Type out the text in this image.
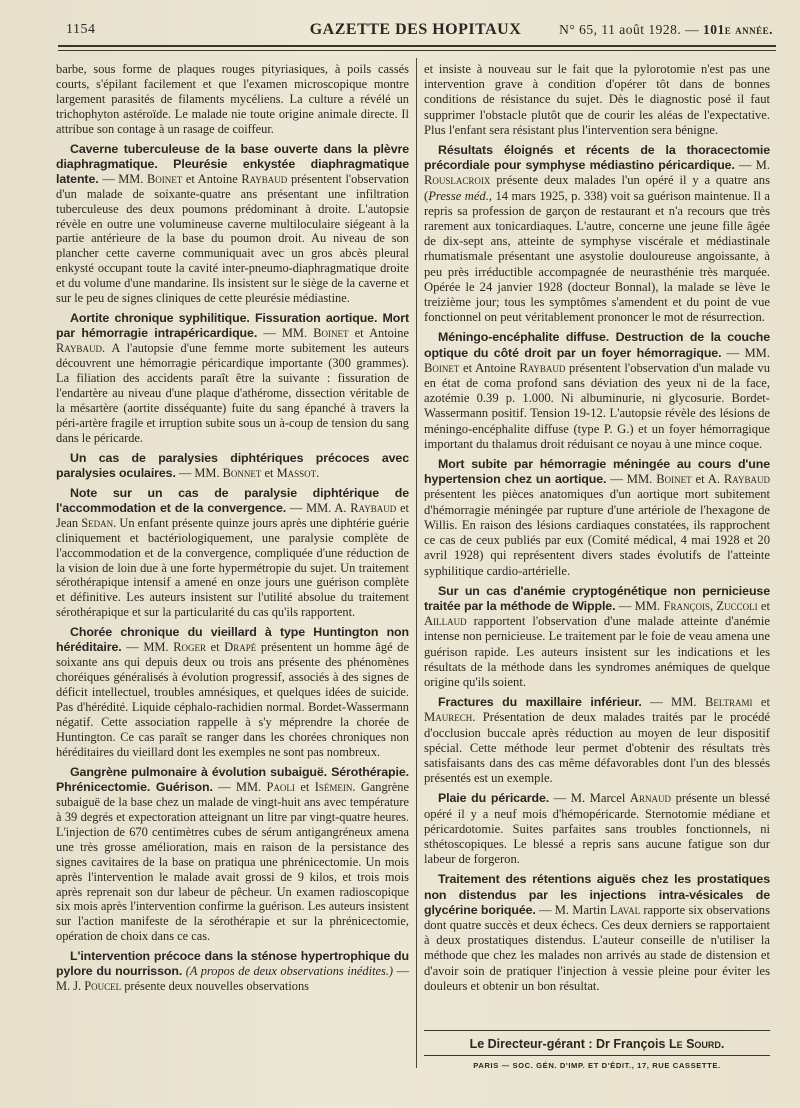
1154	GAZETTE DES HOPITAUX	N° 65, 11 août 1928. — 101e année.

barbe, sous forme de plaques rouges pityriasiques, à poils cassés courts, s'épilant facilement et que l'examen microscopique montre largement parasités de filaments mycéliens. La culture a révélé un trichophyton astéroïde. Le malade nie toute origine animale directe. Il attribue son contage à un rasage de coiffeur.

Caverne tuberculeuse de la base ouverte dans la plèvre diaphragmatique. Pleurésie enkystée diaphragmatique latente. — MM. Boinet et Antoine Raybaud présentent l'observation d'un malade de soixante-quatre ans présentant une infiltration tuberculeuse des deux poumons prédominant à droite. L'autopsie révèle en outre une volumineuse caverne multiloculaire siégeant à la partie antérieure de la base du poumon droit. Au niveau de son plancher cette caverne communiquait avec un gros abcès pleural enkysté occupant toute la cavité inter-pneumo-diaphragmatique droite et du volume d'une mandarine. Ils insistent sur le siège de la caverne et sur le peu de signes cliniques de cette pleurésie médiastine.

Aortite chronique syphilitique. Fissuration aortique. Mort par hémorragie intrapéricardique. — MM. Boinet et Antoine Raybaud. A l'autopsie d'une femme morte subitement les auteurs découvrent une hémorragie péricardique importante (300 grammes). La filiation des accidents paraît être la suivante : fissuration de l'endartère au niveau d'une plaque d'athérome, dissection véritable de la mésartère (aortite disséquante) fuite du sang épanché à travers la péri-artère fragile et irruption subite sous un à-coup de tension du sang dans le péricarde.

Un cas de paralysies diphtériques précoces avec paralysies oculaires. — MM. Bonnet et Massot.

Note sur un cas de paralysie diphtérique de l'accommodation et de la convergence. — MM. A. Raybaud et Jean Sedan. Un enfant présente quinze jours après une diphtérie guérie cliniquement et bactériologiquement, une paralysie complète de l'accommodation et de la convergence, compliquée d'une réduction de la vision de loin due à une forte hypermétropie du sujet. Un traitement sérothérapique intensif a amené en onze jours une guérison complète et définitive. Les auteurs insistent sur l'utilité absolue du traitement sérothérapique et sur la particularité du cas qu'ils rapportent.

Chorée chronique du vieillard à type Huntington non héréditaire. — MM. Roger et Drapé présentent un homme âgé de soixante ans qui depuis deux ou trois ans présente des phénomènes choréiques généralisés à évolution progressif, associés à des signes de déficit intellectuel, troubles amnésiques, et quelques idées de suicide. Pas d'hérédité. Liquide céphalo-rachidien normal. Bordet-Wassermann négatif. Cette association rappelle à s'y méprendre la chorée de Huntington. Ce cas paraît se ranger dans les chorées chroniques non héréditaires du vieillard dont les exemples ne sont pas nombreux.

Gangrène pulmonaire à évolution subaiguë. Sérothérapie. Phrénicectomie. Guérison. — MM. Paoli et Isémein. Gangrène subaiguë de la base chez un malade de vingt-huit ans avec température à 39 degrés et expectoration atteignant un litre par vingt-quatre heures. L'injection de 670 centimètres cubes de sérum antigangréneux amena une très grosse amélioration, mais en raison de la persistance des signes cavitaires de la base on pratiqua une phrénicectomie. Un mois après l'intervention le malade avait grossi de 9 kilos, et trois mois après reprenait son dur labeur de pêcheur. Un examen radioscopique six mois après l'intervention confirme la guérison. Les auteurs insistent sur l'action manifeste de la sérothérapie et sur la phrénicectomie, opération de choix dans ce cas.

L'intervention précoce dans la sténose hypertrophique du pylore du nourrisson. (A propos de deux observations inédites.) — M. J. Poucel présente deux nouvelles observations

et insiste à nouveau sur le fait que la pylorotomie n'est pas une intervention grave à condition d'opérer tôt dans de bonnes conditions de résistance du sujet. Dès le diagnostic posé il faut supprimer l'obstacle plutôt que de courir les aléas de l'expectative. Plus l'enfant sera résistant plus l'intervention sera bénigne.

Résultats éloignés et récents de la thoracectomie précordiale pour symphyse médiastino péricardique. — M. Rouslacroix présente deux malades l'un opéré il y a quatre ans (Presse méd., 14 mars 1925, p. 338) voit sa guérison maintenue. Il a repris sa profession de garçon de restaurant et n'a recours que très rarement aux tonicardiaques. L'autre, concerne une jeune fille âgée de dix-sept ans, atteinte de symphyse viscérale et médiastinale rhumatismale présentant une asystolie douloureuse angoissante, à peu près irréductible accompagnée de neurasthénie très marquée. Opérée le 24 janvier 1928 (docteur Bonnal), la malade se lève le treizième jour; tous les symptômes s'amendent et du point de vue fonctionnel on peut véritablement prononcer le mot de résurrection.

Méningo-encéphalite diffuse. Destruction de la couche optique du côté droit par un foyer hémorragique. — MM. Boinet et Antoine Raybaud présentent l'observation d'un malade vu en état de coma profond sans déviation des yeux ni de la face, azotémie 0.39 p. 1.000. Ni albuminurie, ni glycosurie. Bordet-Wassermann positif. Tension 19-12. L'autopsie révèle des lésions de méningo-encéphalite diffuse (type P. G.) et un foyer hémorragique important du thalamus droit réduisant ce noyau à une mince coque.

Mort subite par hémorragie méningée au cours d'une hypertension chez un aortique. — MM. Boinet et A. Raybaud présentent les pièces anatomiques d'un aortique mort subitement d'hémorragie méningée par rupture d'une artériole de l'hexagone de Willis. En raison des lésions cardiaques constatées, ils rapprochent ce cas de ceux publiés par eux (Comité médical, 4 mai 1928 et 20 avril 1928) qui représentent divers stades évolutifs de l'atteinte syphilitique cardio-artérielle.

Sur un cas d'anémie cryptogénétique non pernicieuse traitée par la méthode de Wipple. — MM. François, Zuccoli et Aillaud rapportent l'observation d'une malade atteinte d'anémie intense non pernicieuse. Le traitement par le foie de veau amena une guérison rapide. Les auteurs insistent sur les indications et les résultats de la méthode dans les syndromes anémiques de quelque origine qu'ils soient.

Fractures du maxillaire inférieur. — MM. Beltrami et Maurech. Présentation de deux malades traités par le procédé d'occlusion buccale après réduction au moyen de leur dispositif spécial. Cette méthode leur permet d'obtenir des résultats très satisfaisants dans des cas même défavorables dont l'un des blessés présentés est un exemple.

Plaie du péricarde. — M. Marcel Arnaud présente un blessé opéré il y a neuf mois d'hémopéricarde. Sternotomie médiane et péricardotomie. Suites parfaites sans troubles fonctionnels, ni sthétoscopiques. Le blessé a repris sans aucune fatigue son dur labeur de forgeron.

Traitement des rétentions aiguës chez les prostatiques non distendus par les injections intra-vésicales de glycérine boriquée. — M. Martin Laval rapporte six observations dont quatre succès et deux échecs. Ces deux derniers se rapportaient à deux prostatiques distendus. L'auteur conseille de n'utiliser la méthode que chez les malades non arrivés au stade de distension et d'avoir soin de pratiquer l'injection à vessie pleine pour éviter les douleurs et obtenir un bon résultat.

Le Directeur-gérant : Dr François Le Sourd.
PARIS — SOC. GÉN. D'IMP. ET D'ÉDIT., 17, RUE CASSETTE.
